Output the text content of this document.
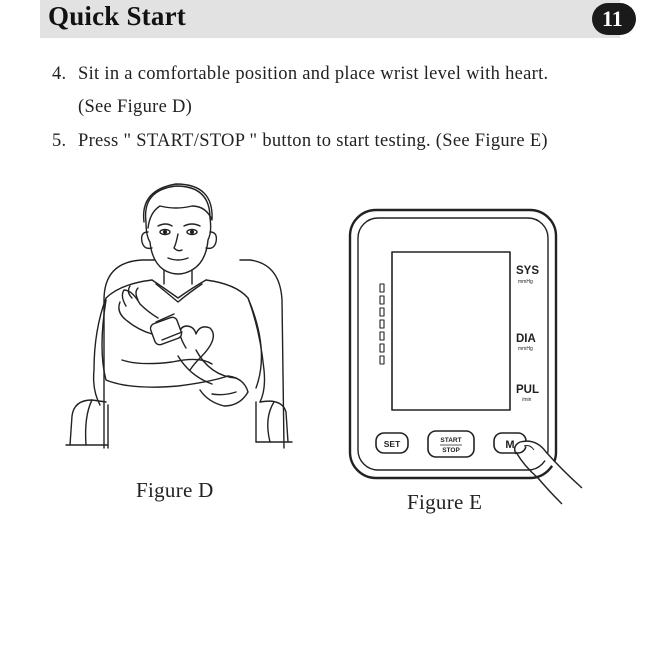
Quick Start	11
4. Sit in a comfortable position and place wrist level with heart.
(See Figure D)
5. Press " START/STOP " button to start testing. (See Figure E)
Figure D
SYS
mmHg
DIA
mmHg
PUL
/min
SET	START
STOP	M
Figure E
